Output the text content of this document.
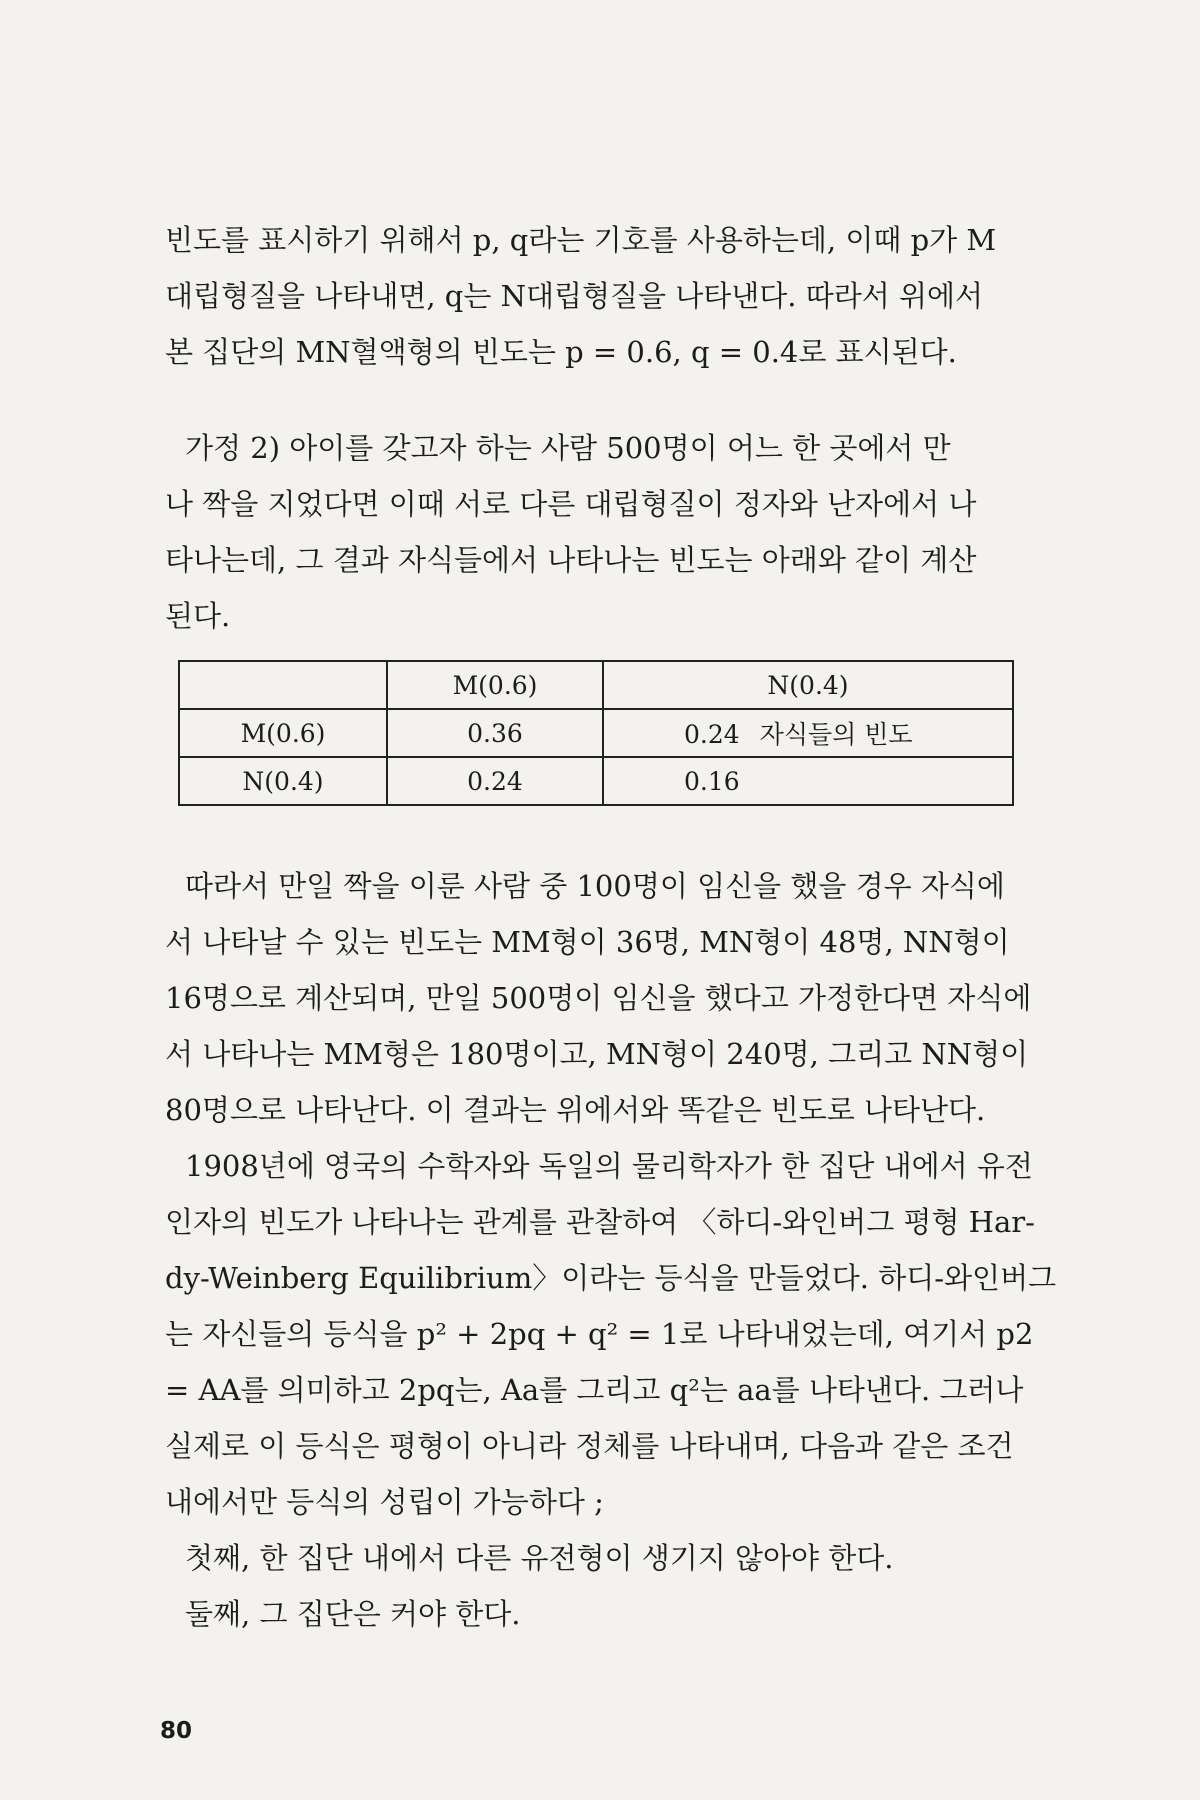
빈도를 표시하기 위해서 p, q라는 기호를 사용하는데, 이때 p가 M
대립형질을 나타내면, q는 N대립형질을 나타낸다. 따라서 위에서
본 집단의 MN혈액형의 빈도는 p = 0.6, q = 0.4로 표시된다.
가정 2) 아이를 갖고자 하는 사람 500명이 어느 한 곳에서 만
나 짝을 지었다면 이때 서로 다른 대립형질이 정자와 난자에서 나
타나는데, 그 결과 자식들에서 나타나는 빈도는 아래와 같이 계산
된다.
	M(0.6)	N(0.4)
M(0.6)	0.36	0.24 자식들의 빈도
N(0.4)	0.24	0.16
따라서 만일 짝을 이룬 사람 중 100명이 임신을 했을 경우 자식에
서 나타날 수 있는 빈도는 MM형이 36명, MN형이 48명, NN형이
16명으로 계산되며, 만일 500명이 임신을 했다고 가정한다면 자식에
서 나타나는 MM형은 180명이고, MN형이 240명, 그리고 NN형이
80명으로 나타난다. 이 결과는 위에서와 똑같은 빈도로 나타난다.
1908년에 영국의 수학자와 독일의 물리학자가 한 집단 내에서 유전
인자의 빈도가 나타나는 관계를 관찰하여 〈하디-와인버그 평형 Har-
dy-Weinberg Equilibrium〉이라는 등식을 만들었다. 하디-와인버그
는 자신들의 등식을 p² + 2pq + q² = 1로 나타내었는데, 여기서 p2
= AA를 의미하고 2pq는, Aa를 그리고 q²는 aa를 나타낸다. 그러나
실제로 이 등식은 평형이 아니라 정체를 나타내며, 다음과 같은 조건
내에서만 등식의 성립이 가능하다 ;
첫째, 한 집단 내에서 다른 유전형이 생기지 않아야 한다.
둘째, 그 집단은 커야 한다.
80
